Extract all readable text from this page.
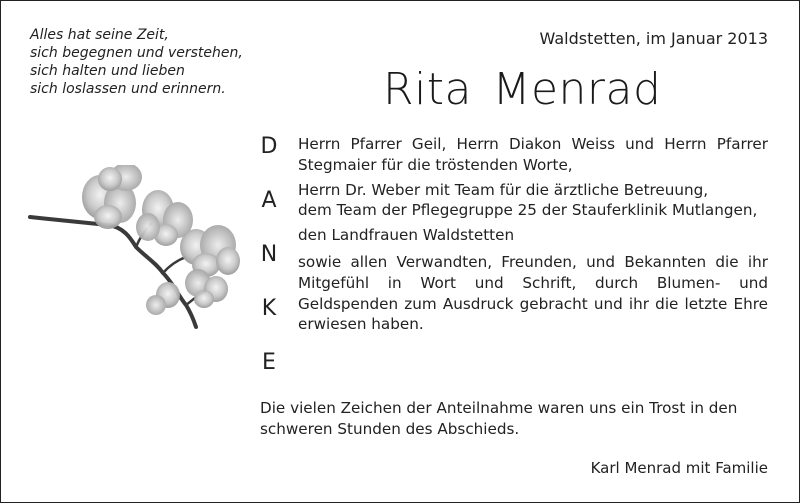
Alles hat seine Zeit,
sich begegnen und verstehen,
sich halten und lieben
sich loslassen und erinnern.
Waldstetten, im Januar 2013
Rita Menrad
D
A
N
K
E

Herrn Pfarrer Geil, Herrn Diakon Weiss und Herrn Pfarrer Stegmaier für die tröstenden Worte,

Herrn Dr. Weber mit Team für die ärztliche Betreuung,

dem Team der Pflegegruppe 25 der Stauferklinik Mutlangen,

den Landfrauen Waldstetten

sowie allen Verwandten, Freunden, und Bekannten die ihr Mitgefühl in Wort und Schrift, durch Blumen- und Geldspenden zum Ausdruck gebracht und ihr die letzte Ehre erwiesen haben.

Die vielen Zeichen der Anteilnahme waren uns ein Trost in den schweren Stunden des Abschieds.

Karl Menrad mit Familie
